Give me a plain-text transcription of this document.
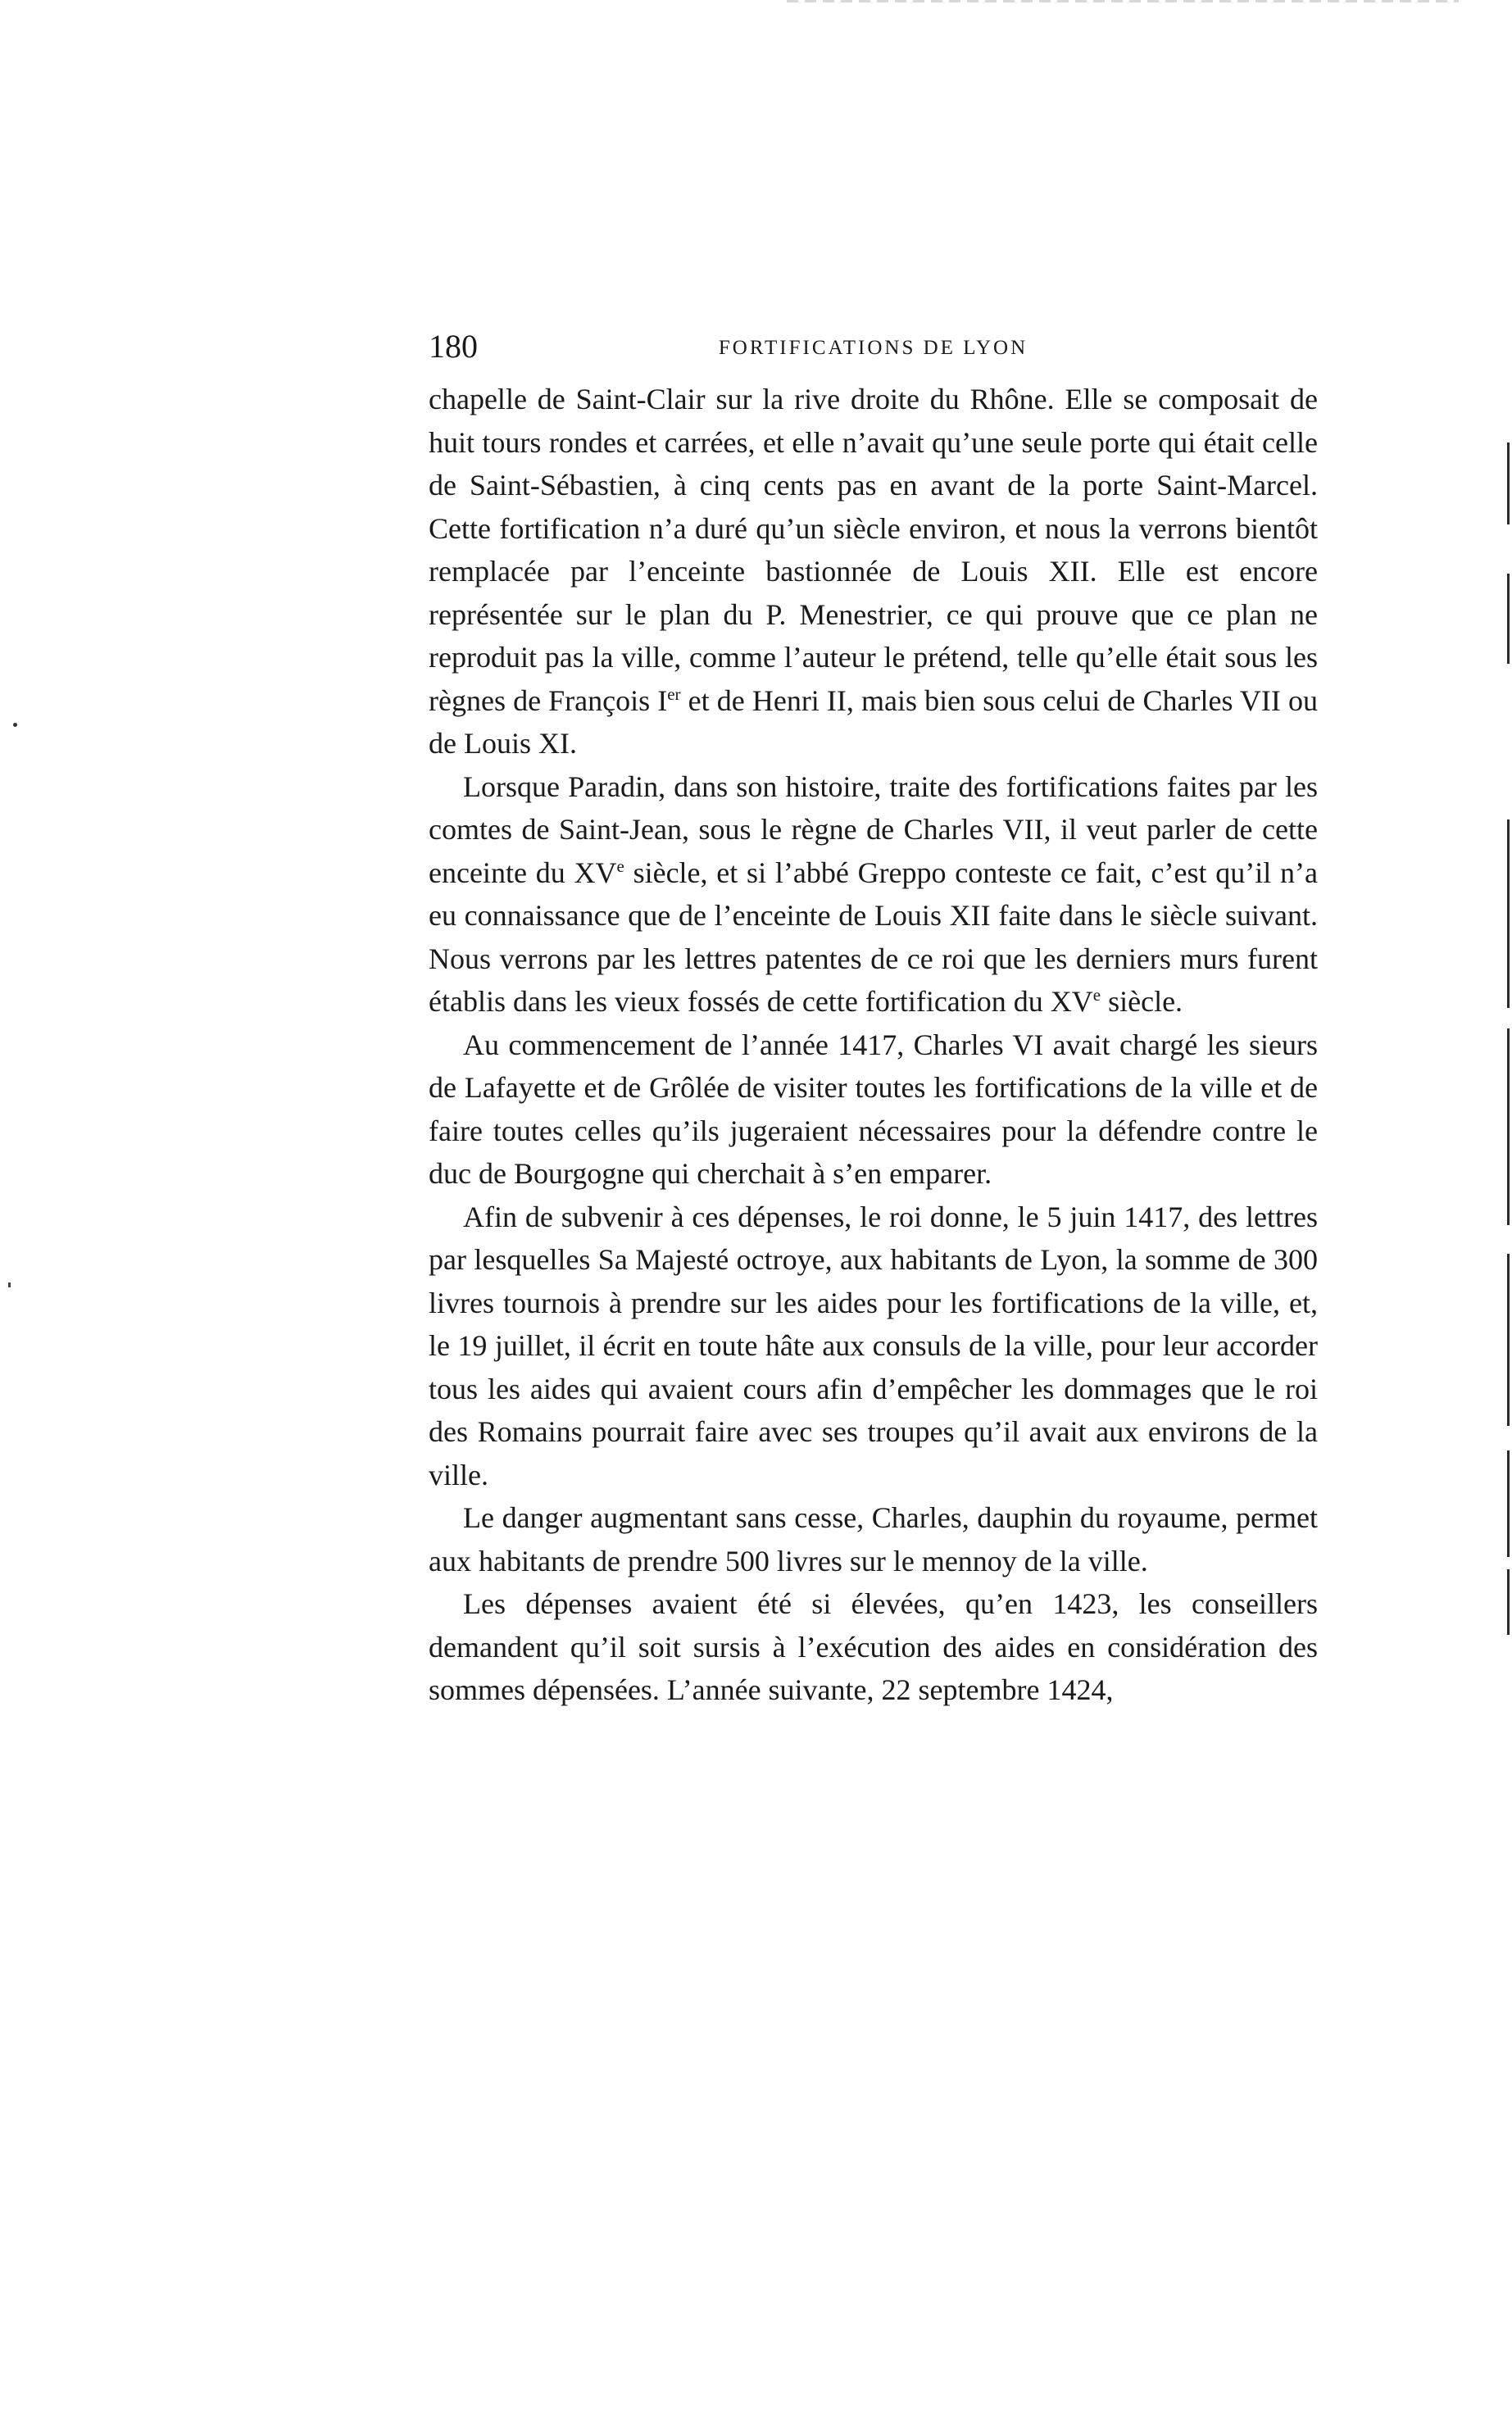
180	FORTIFICATIONS DE LYON

chapelle de Saint-Clair sur la rive droite du Rhône. Elle se composait de huit tours rondes et carrées, et elle n’avait qu’une seule porte qui était celle de Saint-Sébastien, à cinq cents pas en avant de la porte Saint-Marcel. Cette fortification n’a duré qu’un siècle environ, et nous la verrons bientôt remplacée par l’enceinte bastionnée de Louis XII. Elle est encore représentée sur le plan du P. Menestrier, ce qui prouve que ce plan ne reproduit pas la ville, comme l’auteur le prétend, telle qu’elle était sous les règnes de François Ier et de Henri II, mais bien sous celui de Charles VII ou de Louis XI.

Lorsque Paradin, dans son histoire, traite des fortifications faites par les comtes de Saint-Jean, sous le règne de Charles VII, il veut parler de cette enceinte du XVe siècle, et si l’abbé Greppo conteste ce fait, c’est qu’il n’a eu connaissance que de l’enceinte de Louis XII faite dans le siècle suivant. Nous verrons par les lettres patentes de ce roi que les derniers murs furent établis dans les vieux fossés de cette fortification du XVe siècle.

Au commencement de l’année 1417, Charles VI avait chargé les sieurs de Lafayette et de Grôlée de visiter toutes les fortifications de la ville et de faire toutes celles qu’ils jugeraient nécessaires pour la défendre contre le duc de Bourgogne qui cherchait à s’en emparer.

Afin de subvenir à ces dépenses, le roi donne, le 5 juin 1417, des lettres par lesquelles Sa Majesté octroye, aux habitants de Lyon, la somme de 300 livres tournois à prendre sur les aides pour les fortifications de la ville, et, le 19 juillet, il écrit en toute hâte aux consuls de la ville, pour leur accorder tous les aides qui avaient cours afin d’empêcher les dommages que le roi des Romains pourrait faire avec ses troupes qu’il avait aux environs de la ville.

Le danger augmentant sans cesse, Charles, dauphin du royaume, permet aux habitants de prendre 500 livres sur le mennoy de la ville.

Les dépenses avaient été si élevées, qu’en 1423, les conseillers demandent qu’il soit sursis à l’exécution des aides en considération des sommes dépensées. L’année suivante, 22 septembre 1424,
